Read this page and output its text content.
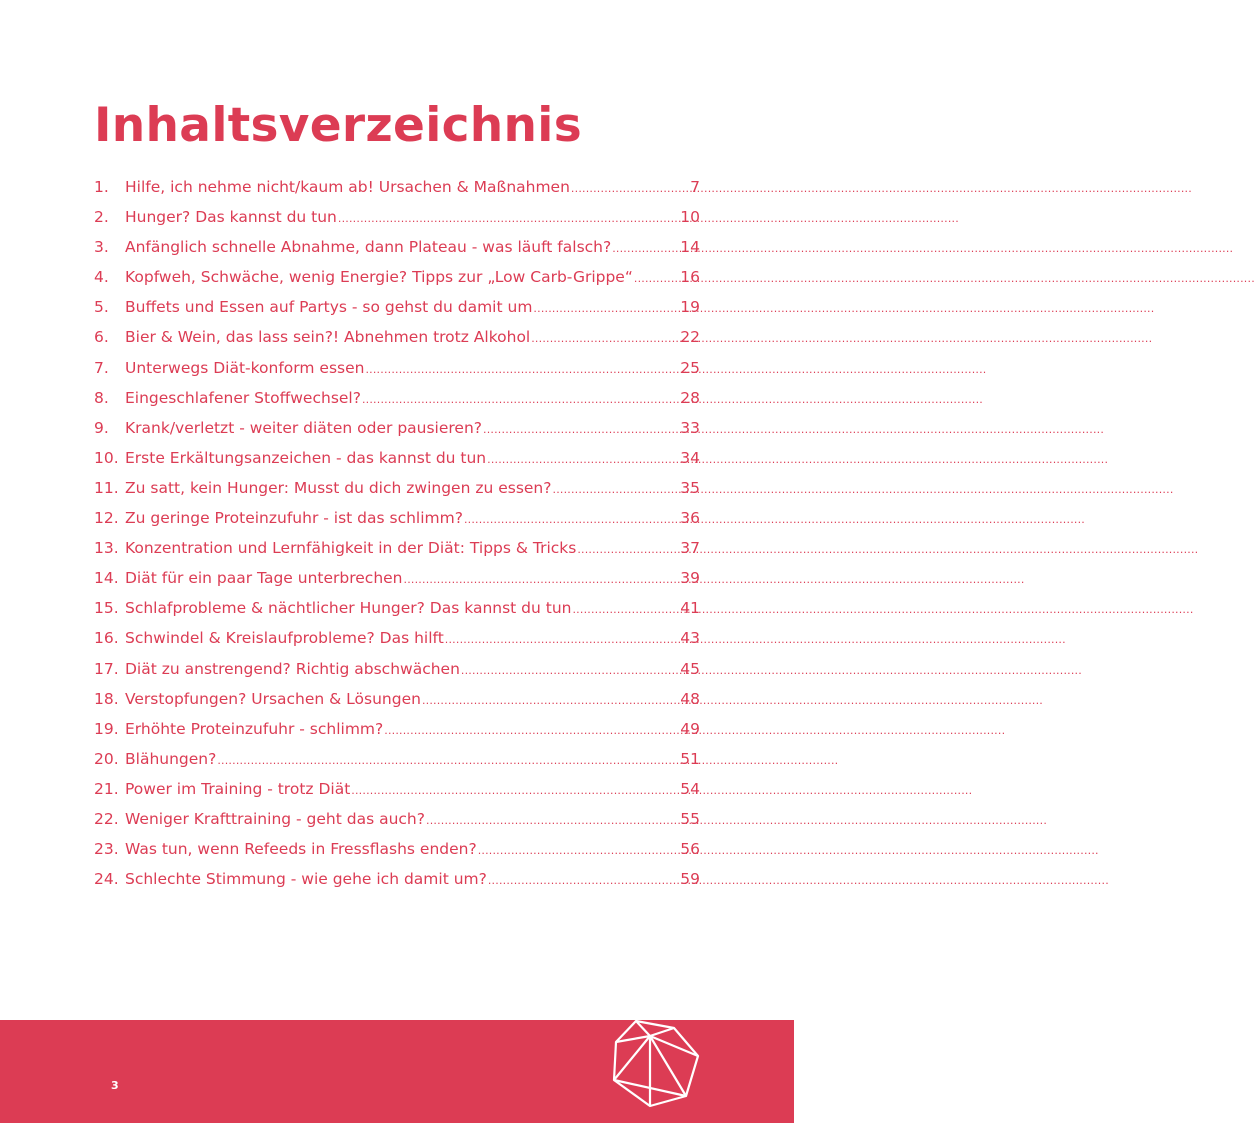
Inhaltsverzeichnis
1.	Hilfe, ich nehme nicht/kaum ab! Ursachen & Maßnahmen .....	7
2.	Hunger? Das kannst du tun .....	10
3.	Anfänglich schnelle Abnahme, dann Plateau - was läuft falsch? .....	14
4.	Kopfweh, Schwäche, wenig Energie? Tipps zur „Low Carb-Grippe“ .....	16
5.	Buffets und Essen auf Partys - so gehst du damit um .....	19
6.	Bier & Wein, das lass sein?! Abnehmen trotz Alkohol .....	22
7.	Unterwegs Diät-konform essen .....	25
8.	Eingeschlafener Stoffwechsel? .....	28
9.	Krank/verletzt - weiter diäten oder pausieren? .....	33
10. Erste Erkältungsanzeichen - das kannst du tun .....	34
11. Zu satt, kein Hunger: Musst du dich zwingen zu essen? .....	35
12. Zu geringe Proteinzufuhr - ist das schlimm? .....	36
13. Konzentration und Lernfähigkeit in der Diät: Tipps & Tricks .....	37
14. Diät für ein paar Tage unterbrechen .....	39
15. Schlafprobleme & nächtlicher Hunger? Das kannst du tun .....	41
16. Schwindel & Kreislaufprobleme? Das hilft .....	43
17. Diät zu anstrengend? Richtig abschwächen .....	45
18. Verstopfungen? Ursachen & Lösungen .....	48
19. Erhöhte Proteinzufuhr - schlimm? .....	49
20. Blähungen? .....	51
21. Power im Training - trotz Diät .....	54
22. Weniger Krafttraining - geht das auch? .....	55
23. Was tun, wenn Refeeds in Fressflashs enden? .....	56
24. Schlechte Stimmung - wie gehe ich damit um? .....	59
3
